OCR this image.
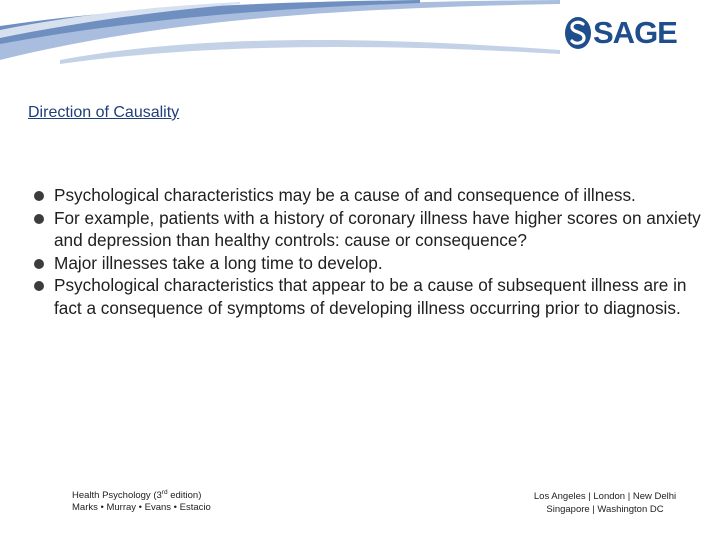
SAGE
Direction of Causality
Psychological characteristics may be a cause of and consequence of illness.
For example, patients with a history of coronary illness have higher scores on anxiety and depression than healthy controls: cause or consequence?
Major illnesses take a long time to develop.
Psychological characteristics that appear to be a cause of subsequent illness are in fact a consequence of symptoms of developing illness occurring prior to diagnosis.
Health Psychology (3rd edition)
Marks • Murray • Evans • Estacio
Los Angeles | London | New Delhi
Singapore | Washington DC
